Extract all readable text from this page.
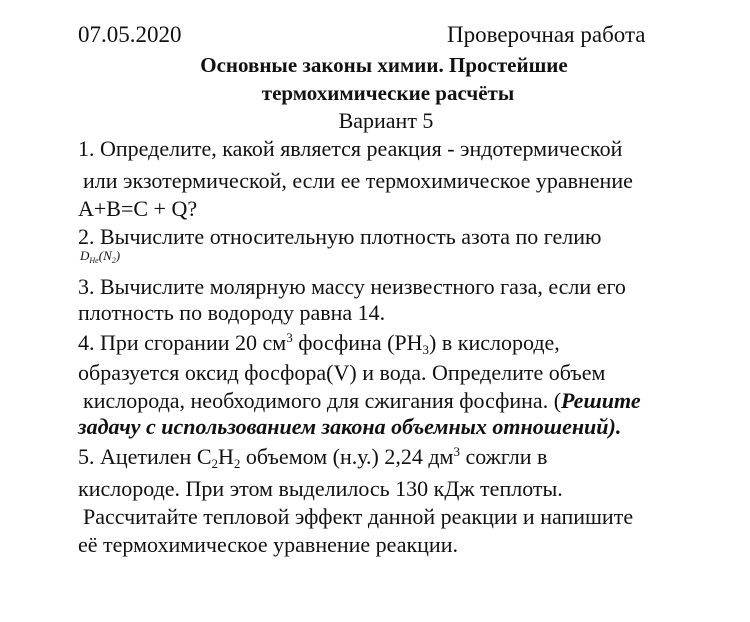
07.05.2020	Проверочная работа
Основные законы химии. Простейшие
термохимические расчёты
Вариант 5
1. Определите, какой является реакция - эндотермической
или экзотермической, если ее термохимическое уравнение
A+B=C + Q?
2. Вычислите относительную плотность азота по гелию
$D_{He}(N_2)$
3. Вычислите молярную массу неизвестного газа, если его
плотность по водороду равна 14.
4. При сгорании 20 $см^3$ фосфина $(PH_3)$ в кислороде,
образуется оксид фосфора(V) и вода. Определите объем
кислорода, необходимого для сжигания фосфина. (Решите
задачу с использованием закона объемных отношений).
5. Ацетилен $C_2H_2$ объемом (н.у.) 2,24 $дм^3$ сожгли в
кислороде. При этом выделилось 130 кДж теплоты.
Рассчитайте тепловой эффект данной реакции и напишите
её термохимическое уравнение реакции.
